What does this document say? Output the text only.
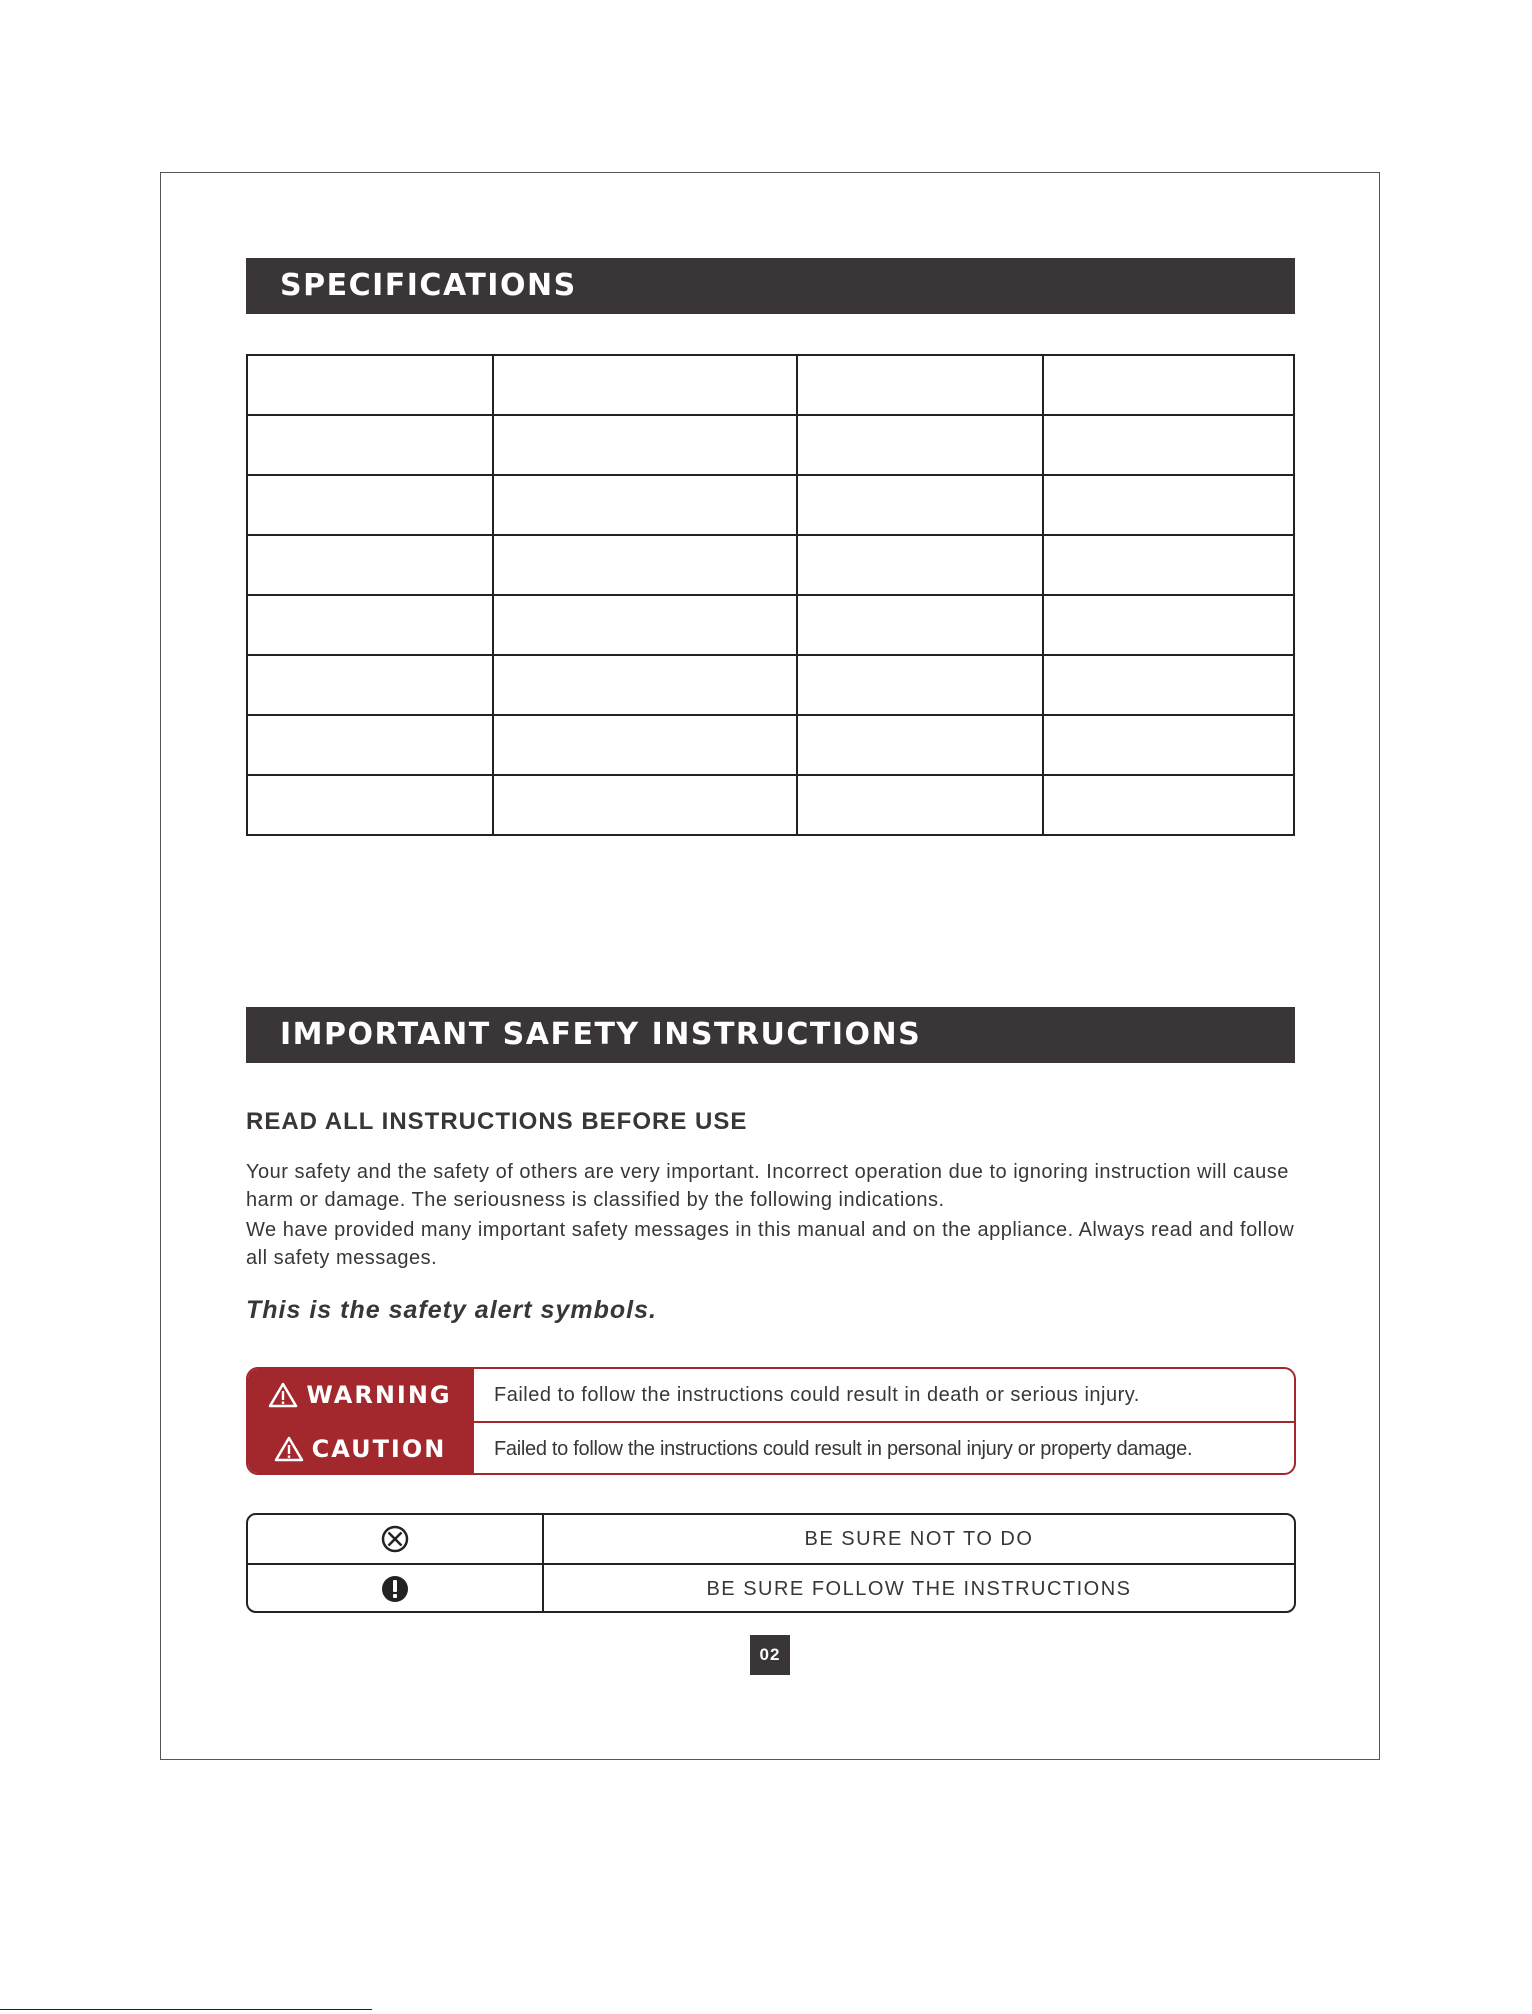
SPECIFICATIONS

IMPORTANT SAFETY INSTRUCTIONS
READ ALL INSTRUCTIONS BEFORE USE

Your safety and the safety of others are very important. Incorrect operation due to ignoring instruction will cause harm or damage. The seriousness is classified by the following indications.

We have provided many important safety messages in this manual and on the appliance. Always read and follow all safety messages.

This is the safety alert symbols.
WARNING	Failed to follow the instructions could result in death or serious injury.
CAUTION	Failed to follow the instructions could result in personal injury or property damage.
BE SURE NOT TO DO
BE SURE FOLLOW THE INSTRUCTIONS
02
